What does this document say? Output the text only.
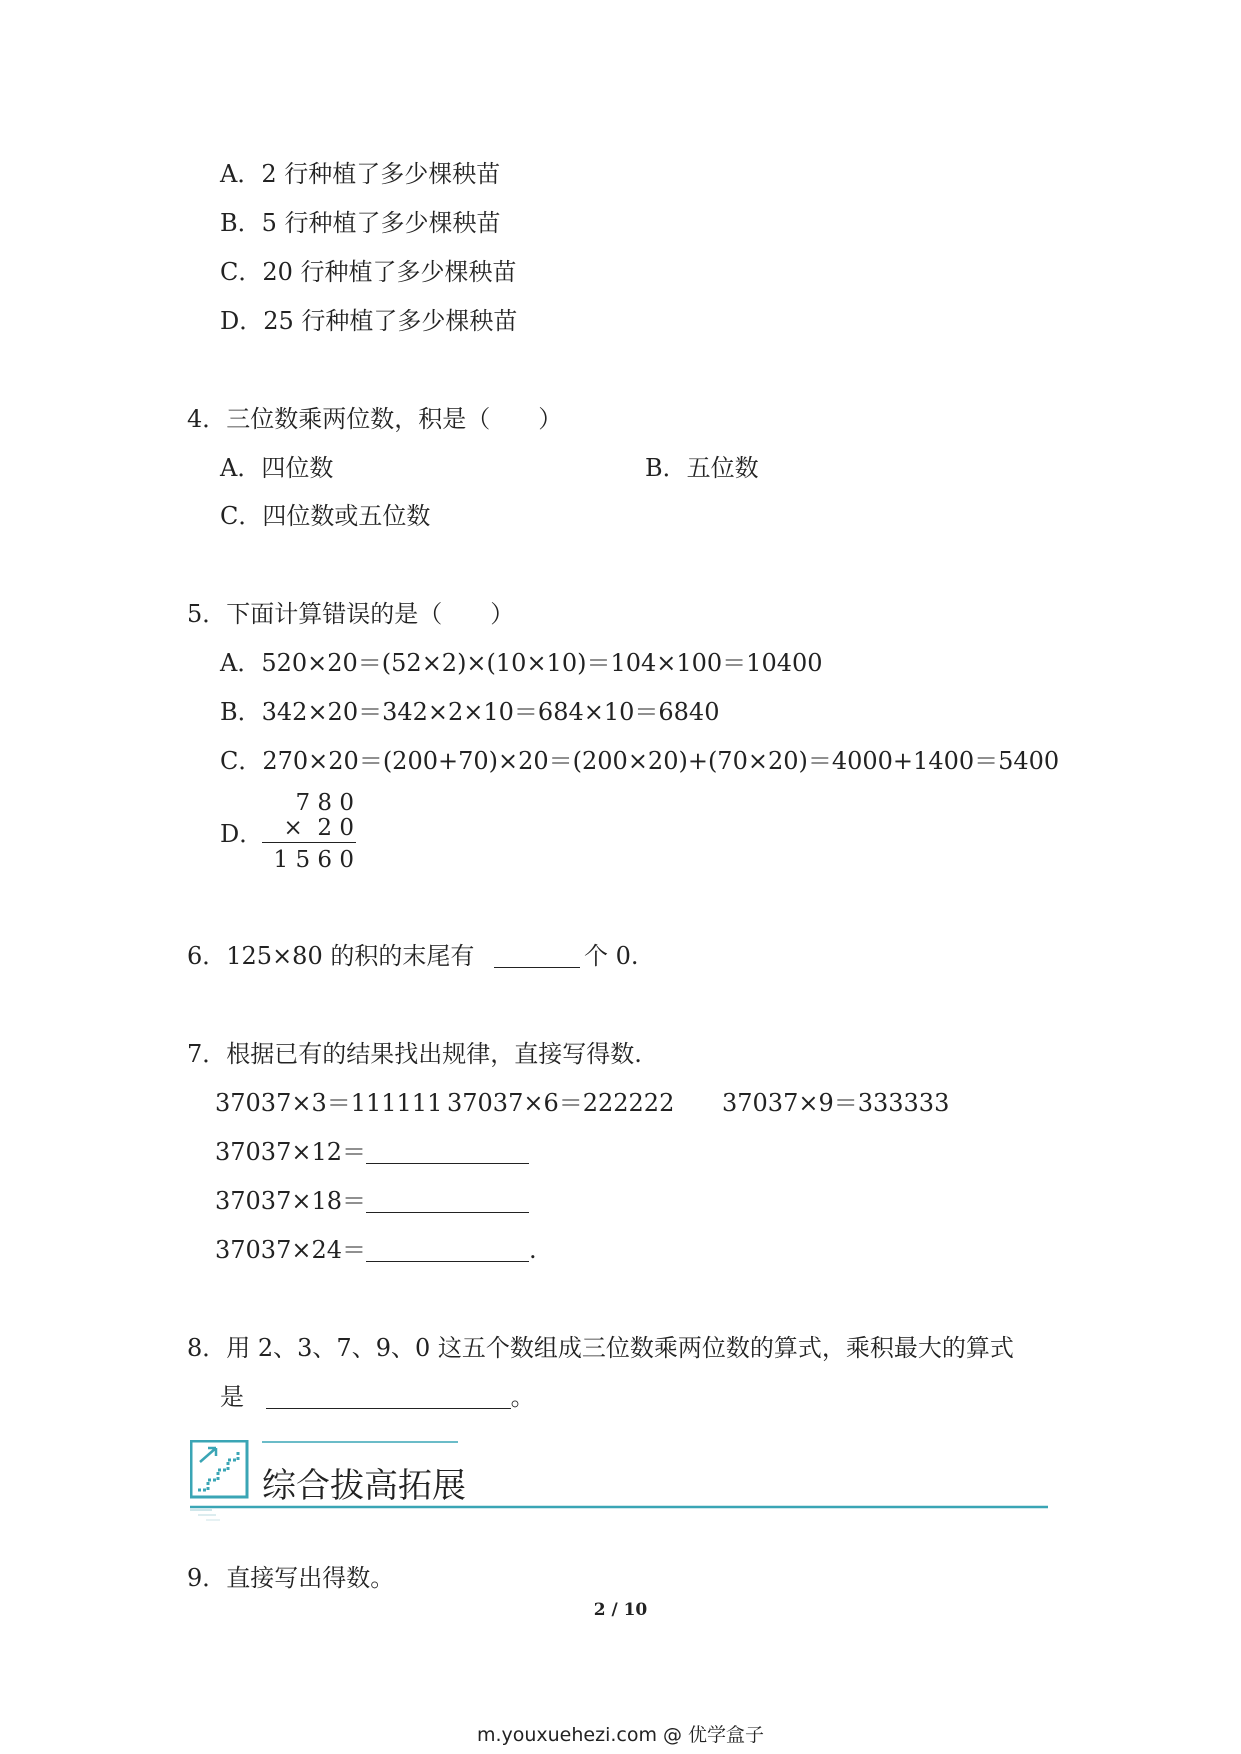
A．2 行种植了多少棵秧苗
B．5 行种植了多少棵秧苗
C．20 行种植了多少棵秧苗
D．25 行种植了多少棵秧苗
4．三位数乘两位数，积是（　　）
A．四位数	B．五位数
C．四位数或五位数
5．下面计算错误的是（　　）
A．520×20＝(52×2)×(10×10)＝104×100＝10400
B．342×20＝342×2×10＝684×10＝6840
C．270×20＝(200+70)×20＝(200×20)+(70×20)＝4000+1400＝5400
D．
7 8 0
×  2 0
1 5 6 0
6．125×80 的积的末尾有	个 0.
7．根据已有的结果找出规律，直接写得数.
37037×3＝111111 37037×6＝222222 37037×9＝333333
37037×12＝
37037×18＝
37037×24＝	.
8．用 2、3、7、9、0 这五个数组成三位数乘两位数的算式，乘积最大的算式
是	。
综合拔高拓展
9．直接写出得数。
2 / 10
m.youxuehezi.com @ 优学盒子
